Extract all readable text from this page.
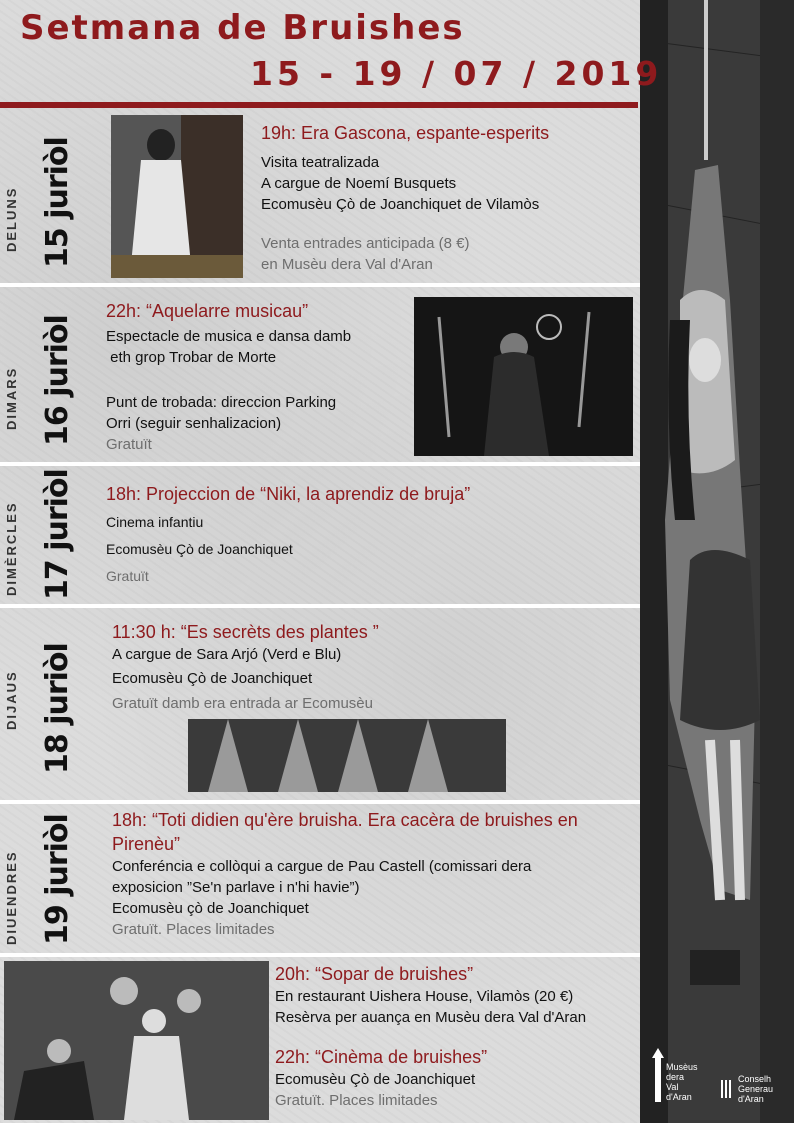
Setmana de Bruishes
15 - 19 / 07 / 2019
DELUNS 15 juriòl
DIMARS 16 juriòl
DIMÈRCLES 17 juriòl
DIJAUS 18 juriòl
DIUENDRES 19 juriòl
19h: Era Gascona, espante-esperits
Visita teatralizada
A cargue de Noemí Busquets
Ecomusèu Çò de Joanchiquet de Vilamòs
Venta entrades anticipada (8 €)
en Musèu dera Val d'Aran
22h: “Aquelarre musicau”
Espectacle de musica e dansa damb
eth grop Trobar de Morte
Punt de trobada: direccion Parking
Orri (seguir senhalizacion)
Gratuït
18h: Projeccion de “Niki, la aprendiz de bruja”
Cinema infantiu
Ecomusèu Çò de Joanchiquet
Gratuït
11:30 h: “Es secrèts des plantes ”
A cargue de Sara Arjó (Verd e Blu)
Ecomusèu Çò de Joanchiquet
Gratuït damb era entrada ar Ecomusèu
18h: “Toti didien qu'ère bruisha. Era cacèra de bruishes en
Pirenèu”
Conferéncia e collòqui a cargue de Pau Castell (comissari dera
exposicion ”Se'n parlave i n'hi havie”)
Ecomusèu çò de Joanchiquet
Gratuït. Places limitades
20h: “Sopar de bruishes”
En restaurant Uishera House, Vilamòs (20 €)
Resèrva per auança en Musèu dera Val d'Aran
22h: “Cinèma de bruishes”
Ecomusèu Çò de Joanchiquet
Gratuït. Places limitades
Musèus
dera
Val
d'Aran
Conselh
Generau
d'Aran
